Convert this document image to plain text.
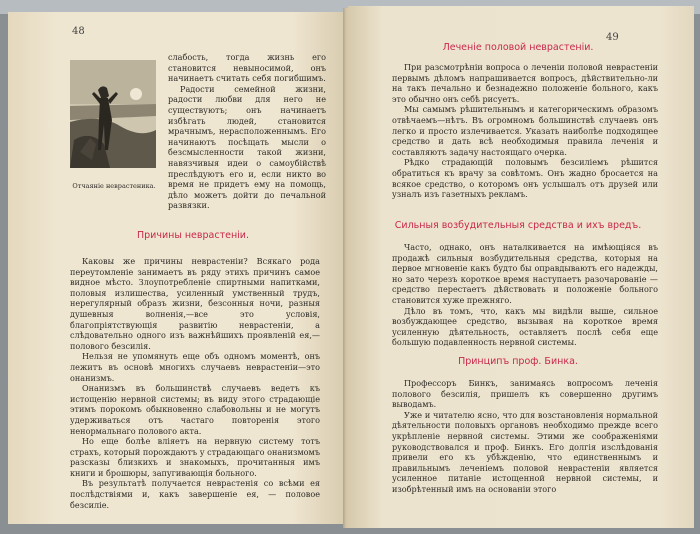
48
Отчаяніе неврастеника.

слабость, тогда жизнь его становится невыносимой, онъ начинаетъ считать себя погибшимъ.

Радости семейной жизни, радости любви для него не существуютъ; онъ начинаетъ избѣгать людей, становится мрачнымъ, нерасположеннымъ. Его начинаютъ посѣщать мысли о безсмысленности такой жизни, навязчивыя идеи о самоубійствѣ преслѣдуютъ его и, если никто во время не придетъ ему на помощь, дѣло можетъ дойти до печальной развязки.

Причины неврастеніи.

Каковы же причины неврастеніи? Всякаго рода переутомленіе занимаетъ въ ряду этихъ причинъ самое видное мѣсто. Злоупотребленіе спиртными напитками, половыя излишества, усиленный умственный трудъ, нерегулярный образъ жизни, безсонныя ночи, разныя душевныя волненія,—все это условія, благопріятствующія развитію неврастеніи, а слѣдовательно одного изъ важнѣйшихъ проявленій ея,—полового безсилія.

Нельзя не упомянуть еще объ одномъ моментѣ, онъ лежитъ въ основѣ многихъ случаевъ неврастеніи—это онанизмъ.

Онанизмъ въ большинствѣ случаевъ ведетъ къ истощенію нервной системы; въ виду этого страдающіе этимъ порокомъ обыкновенно слабовольны и не могутъ удерживаться отъ частаго повторенія этого ненормальнаго полового акта.

Но еще болѣе вліяетъ на нервную систему тотъ страхъ, который порождаютъ у страдающаго онанизмомъ разсказы близкихъ и знакомыхъ, прочитанныя имъ книги и брошюры, запугивающія больного.

Въ результатѣ получается неврастенія со всѣми ея послѣдствіями и, какъ завершеніе ея, — половое безсиліе.

49
Леченіе половой неврастеніи.

При разсмотрѣніи вопроса о леченіи половой неврастеніи первымъ дѣломъ напрашивается вопросъ, дѣйствительно-ли на такъ печально и безнадежно положеніе больного, какъ это обычно онъ себѣ рисуетъ.

Мы самымъ рѣшительнымъ и категорическимъ образомъ отвѣчаемъ—нѣтъ. Въ огромномъ большинствѣ случаевъ онъ легко и просто излечивается. Указать наиболѣе подходящее средство и дать всѣ необходимыя правила леченія и составляютъ задачу настоящаго очерка.

Рѣдко страдающій половымъ безсиліемъ рѣшится обратиться къ врачу за совѣтомъ. Онъ жадно бросается на всякое средство, о которомъ онъ услышалъ отъ друзей или узналъ изъ газетныхъ рекламъ.

Сильныя возбудительныя средства и ихъ вредъ.

Часто, однако, онъ наталкивается на имѣющіяся въ продажѣ сильныя возбудительныя средства, которыя на первое мгновеніе какъ будто бы оправдываютъ его надежды, но зато черезъ короткое время наступаетъ разочарованіе — средство перестаетъ дѣйствовать и положеніе больного становится хуже прежняго.

Дѣло въ томъ, что, какъ мы видѣли выше, сильное возбуждающее средство, вызывая на короткое время усиленную дѣятельность, оставляетъ послѣ себя еще большую подавленность нервной системы.

Принципъ проф. Бинка.

Профессоръ Бинкъ, занимаясь вопросомъ леченія полового безсилія, пришелъ къ совершенно другимъ выводамъ.

Уже и читателю ясно, что для возстановленія нормальной дѣятельности половыхъ органовъ необходимо прежде всего укрѣпленіе нервной системы. Этими же соображеніями руководствовался и проф. Бинкъ. Его долгія изслѣдованія привели его къ убѣжденію, что единственнымъ и правильнымъ леченіемъ половой неврастеніи является усиленное питаніе истощенной нервной системы, и изобрѣтенный имъ на основаніи этого
